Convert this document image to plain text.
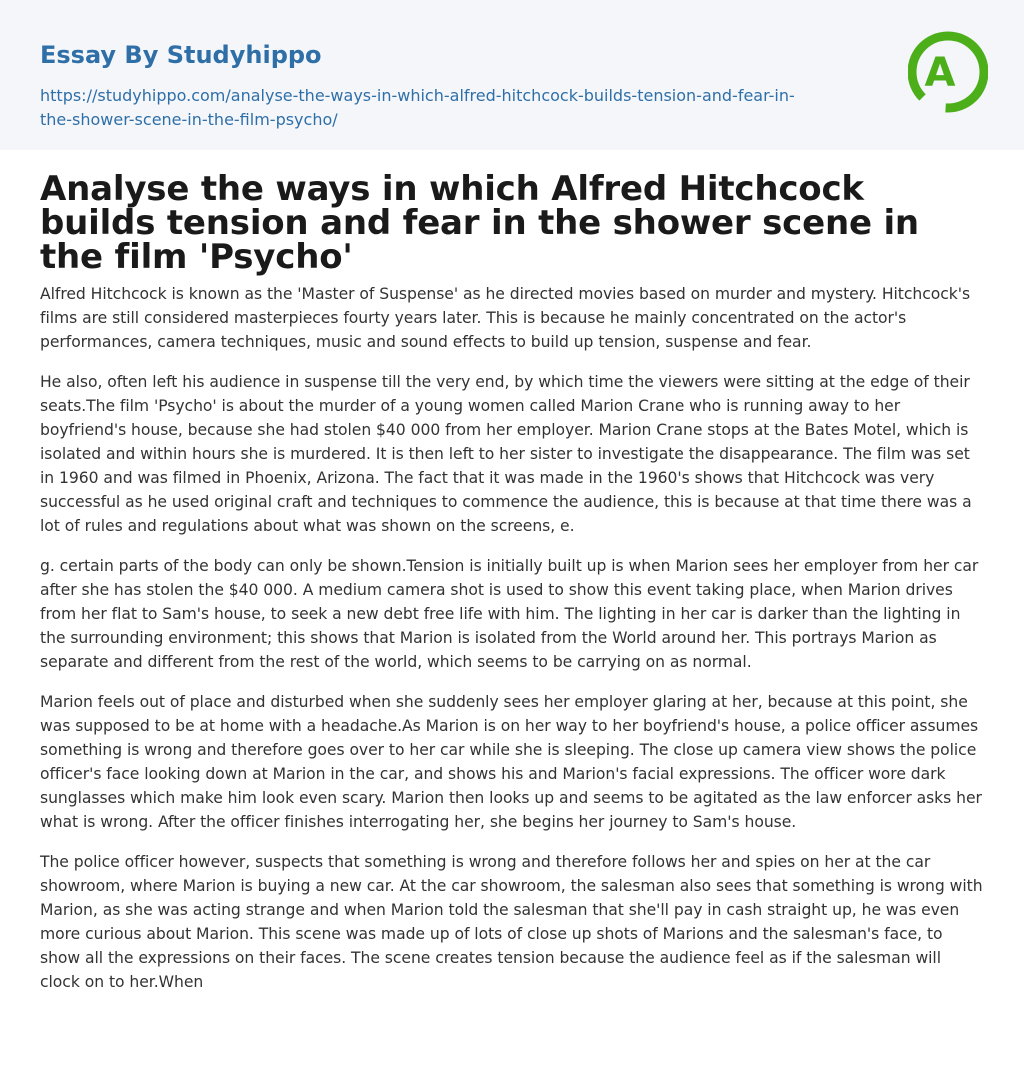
Essay By Studyhippo
https://studyhippo.com/analyse-the-ways-in-which-alfred-hitchcock-builds-tension-and-fear-in-the-shower-scene-in-the-film-psycho/
A
Analyse the ways in which Alfred Hitchcock builds tension and fear in the shower scene in the film 'Psycho'

Alfred Hitchcock is known as the 'Master of Suspense' as he directed movies based on murder and mystery. Hitchcock's films are still considered masterpieces fourty years later. This is because he mainly concentrated on the actor's performances, camera techniques, music and sound effects to build up tension, suspense and fear.

He also, often left his audience in suspense till the very end, by which time the viewers were sitting at the edge of their seats.The film 'Psycho' is about the murder of a young women called Marion Crane who is running away to her boyfriend's house, because she had stolen $40 000 from her employer. Marion Crane stops at the Bates Motel, which is isolated and within hours she is murdered. It is then left to her sister to investigate the disappearance. The film was set in 1960 and was filmed in Phoenix, Arizona. The fact that it was made in the 1960's shows that Hitchcock was very successful as he used original craft and techniques to commence the audience, this is because at that time there was a lot of rules and regulations about what was shown on the screens, e.

g. certain parts of the body can only be shown.Tension is initially built up is when Marion sees her employer from her car after she has stolen the $40 000. A medium camera shot is used to show this event taking place, when Marion drives from her flat to Sam's house, to seek a new debt free life with him. The lighting in her car is darker than the lighting in the surrounding environment; this shows that Marion is isolated from the World around her. This portrays Marion as separate and different from the rest of the world, which seems to be carrying on as normal.

Marion feels out of place and disturbed when she suddenly sees her employer glaring at her, because at this point, she was supposed to be at home with a headache.As Marion is on her way to her boyfriend's house, a police officer assumes something is wrong and therefore goes over to her car while she is sleeping. The close up camera view shows the police officer's face looking down at Marion in the car, and shows his and Marion's facial expressions. The officer wore dark sunglasses which make him look even scary. Marion then looks up and seems to be agitated as the law enforcer asks her what is wrong. After the officer finishes interrogating her, she begins her journey to Sam's house.

The police officer however, suspects that something is wrong and therefore follows her and spies on her at the car showroom, where Marion is buying a new car. At the car showroom, the salesman also sees that something is wrong with Marion, as she was acting strange and when Marion told the salesman that she'll pay in cash straight up, he was even more curious about Marion. This scene was made up of lots of close up shots of Marions and the salesman's face, to show all the expressions on their faces. The scene creates tension because the audience feel as if the salesman will clock on to her.When
